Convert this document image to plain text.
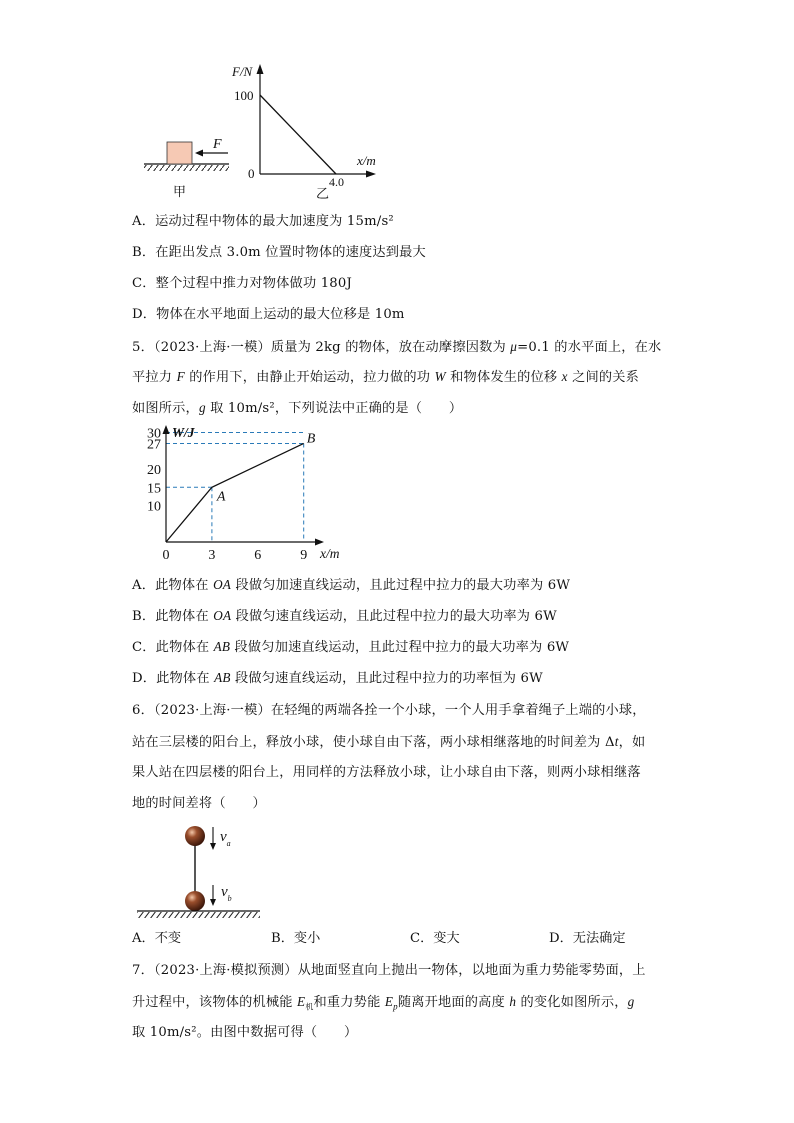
F
甲
F/N
x/m
100
0
4.0
乙
A．运动过程中物体的最大加速度为 15m/s²
B．在距出发点 3.0m 位置时物体的速度达到最大
C．整个过程中推力对物体做功 180J
D．物体在水平地面上运动的最大位移是 10m
5．（2023·上海·一模）质量为 2kg 的物体，放在动摩擦因数为 μ=0.1 的水平面上，在水
平拉力 F 的作用下，由静止开始运动，拉力做的功 W 和物体发生的位移 x 之间的关系
如图所示，g 取 10m/s²，下列说法中正确的是（　　）
10
15
20
27
30
0	3	6	9
A
B
W/J
x/m
A．此物体在 OA 段做匀加速直线运动，且此过程中拉力的最大功率为 6W
B．此物体在 OA 段做匀速直线运动，且此过程中拉力的最大功率为 6W
C．此物体在 AB 段做匀加速直线运动，且此过程中拉力的最大功率为 6W
D．此物体在 AB 段做匀速直线运动，且此过程中拉力的功率恒为 6W
6．（2023·上海·一模）在轻绳的两端各拴一个小球，一个人用手拿着绳子上端的小球，
站在三层楼的阳台上，释放小球，使小球自由下落，两小球相继落地的时间差为 Δt，如
果人站在四层楼的阳台上，用同样的方法释放小球，让小球自由下落，则两小球相继落
地的时间差将（　　）
$v_a$
$v_b$
A．不变	B．变小	C．变大	D．无法确定
7．（2023·上海·模拟预测）从地面竖直向上抛出一物体，以地面为重力势能零势面，上
升过程中，该物体的机械能 $E_机$和重力势能 $E_p$随离开地面的高度 h 的变化如图所示，g
取 10m/s²。由图中数据可得（　　）
